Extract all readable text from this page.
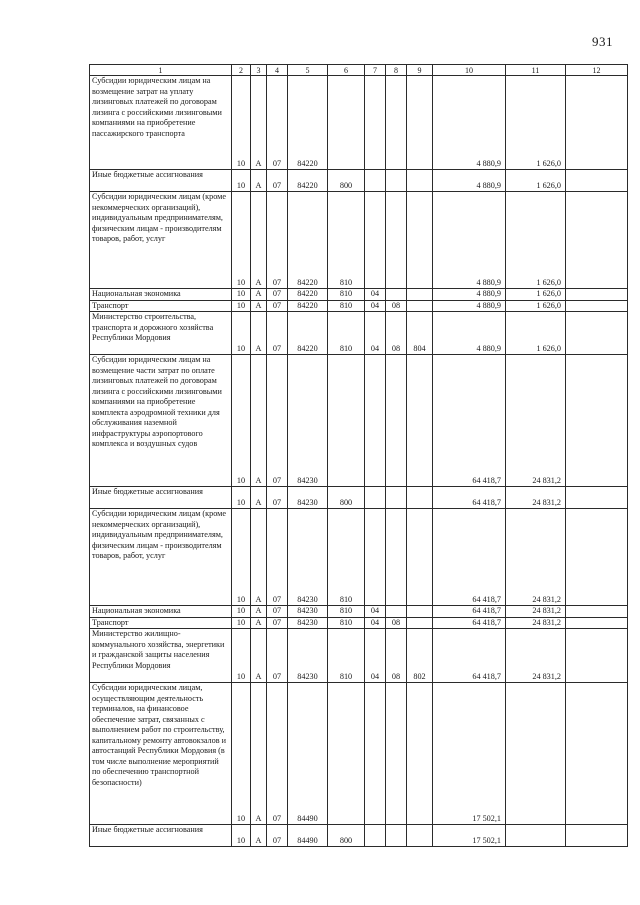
931
1	2	3	4	5	6	7	8	9	10	11	12
Субсидии юридическим лицам на возмещение затрат на уплату лизинговых платежей по договорам лизинга с российскими лизинговыми компаниями на приобретение пассажирского транспорта	10	А	07	84220					4 880,9	1 626,0	
Иные бюджетные ассигнования	10	А	07	84220	800				4 880,9	1 626,0	
Субсидии юридическим лицам (кроме некоммерческих организаций), индивидуальным предпринимателям, физическим лицам - производителям товаров, работ, услуг	10	А	07	84220	810				4 880,9	1 626,0	
Национальная экономика	10	А	07	84220	810	04			4 880,9	1 626,0	
Транспорт	10	А	07	84220	810	04	08		4 880,9	1 626,0	
Министерство строительства, транспорта и дорожного хозяйства Республики Мордовия	10	А	07	84220	810	04	08	804	4 880,9	1 626,0	
Субсидии юридическим лицам на возмещение части затрат по оплате лизинговых платежей по договорам лизинга с российскими лизинговыми компаниями на приобретение комплекта аэродромной техники для обслуживания наземной инфраструктуры аэропортового комплекса и воздушных судов	10	А	07	84230					64 418,7	24 831,2	
Иные бюджетные ассигнования	10	А	07	84230	800				64 418,7	24 831,2	
Субсидии юридическим лицам (кроме некоммерческих организаций), индивидуальным предпринимателям, физическим лицам - производителям товаров, работ, услуг	10	А	07	84230	810				64 418,7	24 831,2	
Национальная экономика	10	А	07	84230	810	04			64 418,7	24 831,2	
Транспорт	10	А	07	84230	810	04	08		64 418,7	24 831,2	
Министерство жилищно-коммунального хозяйства, энергетики и гражданской защиты населения Республики Мордовия	10	А	07	84230	810	04	08	802	64 418,7	24 831,2	
Субсидии юридическим лицам, осуществляющим деятельность терминалов, на финансовое обеспечение затрат, связанных с выполнением работ по строительству, капитальному ремонту автовокзалов и автостанций Республики Мордовия (в том числе выполнение мероприятий по обеспечению транспортной безопасности)	10	А	07	84490					17 502,1		
Иные бюджетные ассигнования	10	А	07	84490	800				17 502,1		
